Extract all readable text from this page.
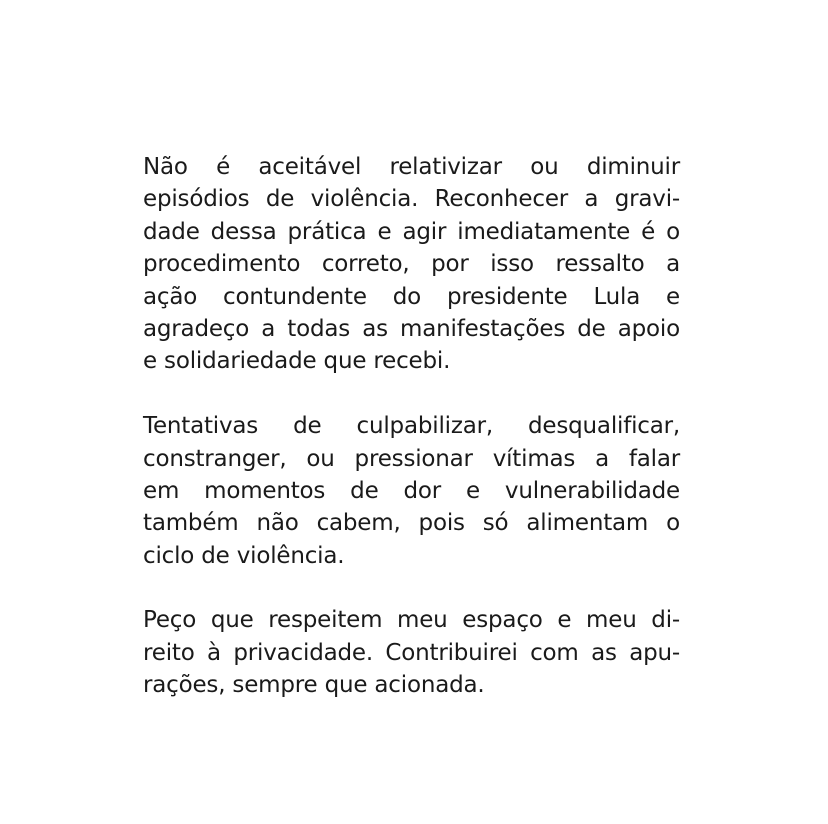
Não é aceitável relativizar ou diminuir
episódios de violência. Reconhecer a gravi-
dade dessa prática e agir imediatamente é o
procedimento correto, por isso ressalto a
ação contundente do presidente Lula e
agradeço a todas as manifestações de apoio
e solidariedade que recebi.

Tentativas de culpabilizar, desqualificar,
constranger, ou pressionar vítimas a falar
em momentos de dor e vulnerabilidade
também não cabem, pois só alimentam o
ciclo de violência.

Peço que respeitem meu espaço e meu di-
reito à privacidade. Contribuirei com as apu-
rações, sempre que acionada.
